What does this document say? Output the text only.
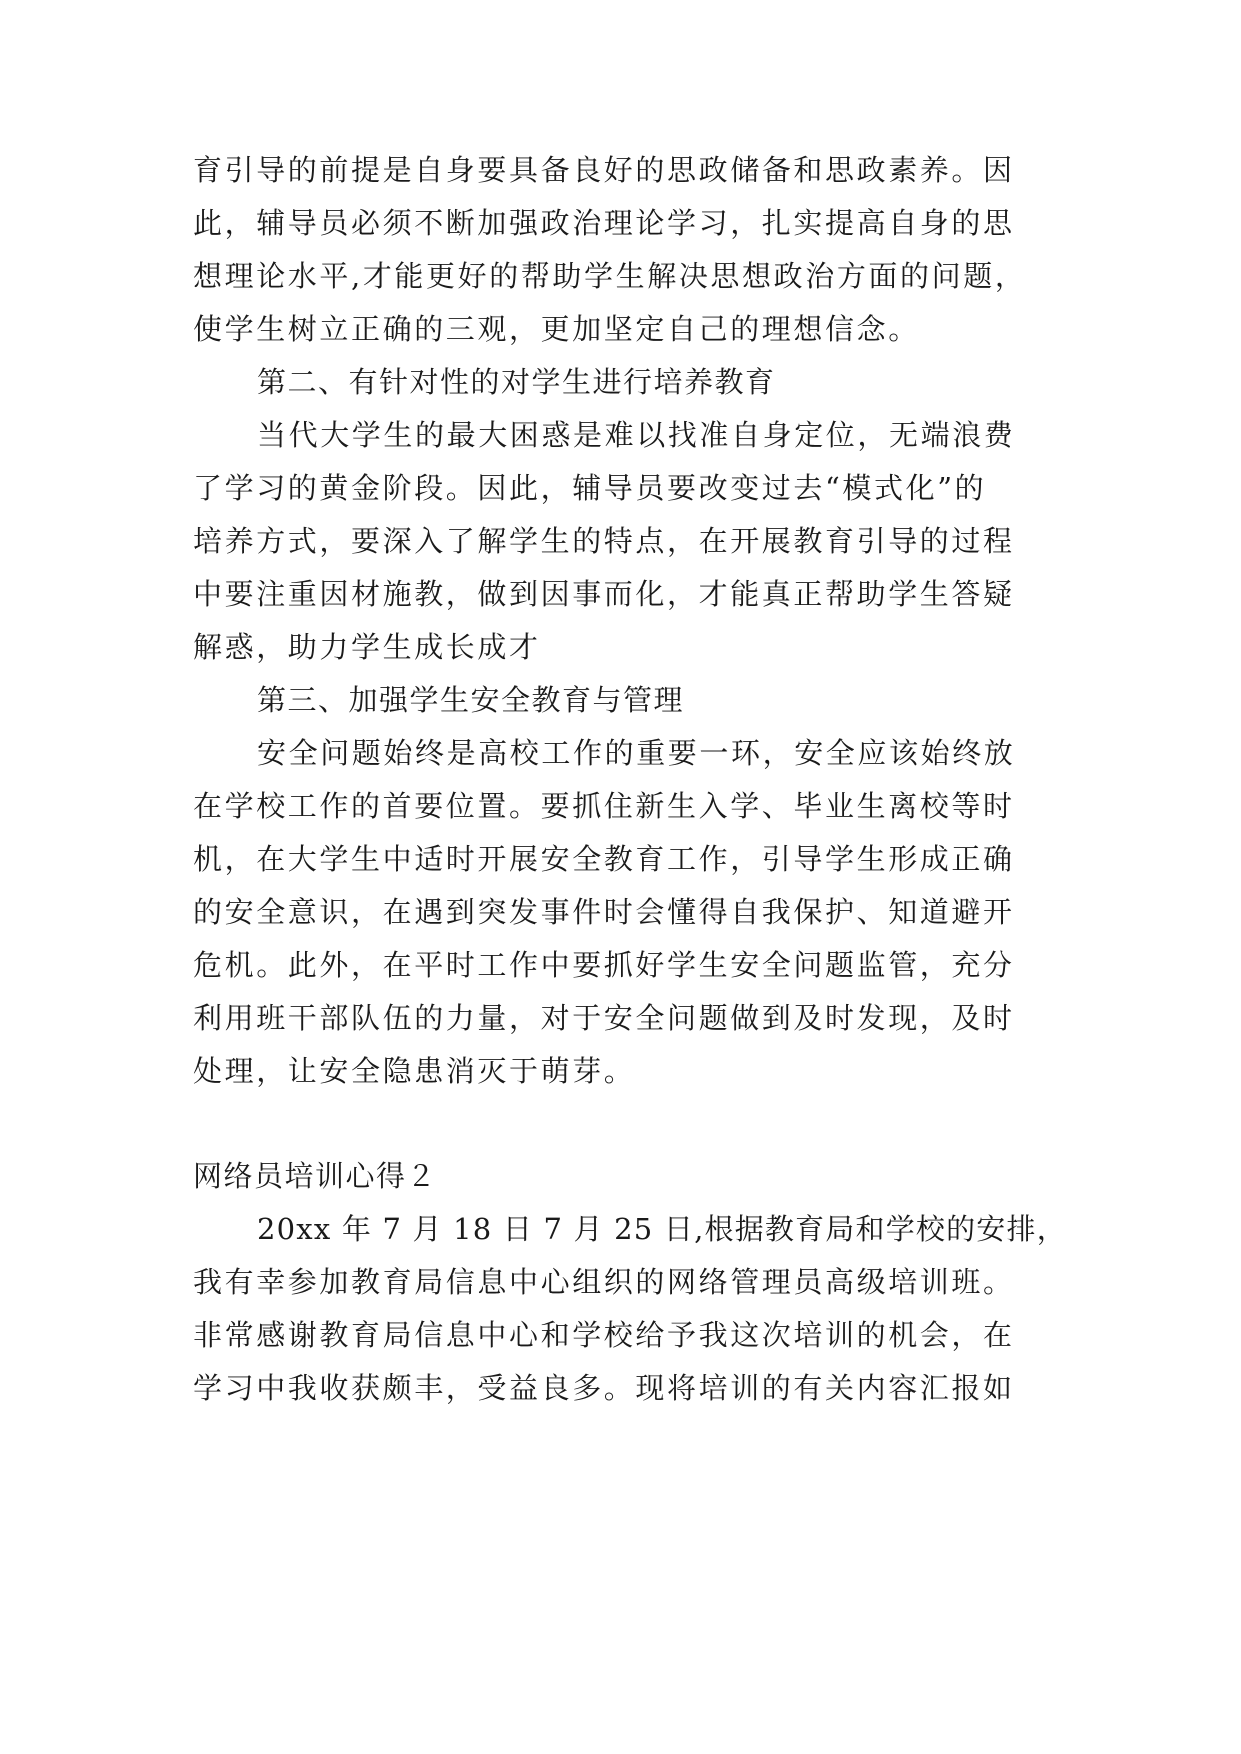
育引导的前提是自身要具备良好的思政储备和思政素养。因
此，辅导员必须不断加强政治理论学习，扎实提高自身的思
想理论水平,才能更好的帮助学生解决思想政治方面的问题，
使学生树立正确的三观，更加坚定自己的理想信念。
第二、有针对性的对学生进行培养教育
当代大学生的最大困惑是难以找准自身定位，无端浪费
了学习的黄金阶段。因此，辅导员要改变过去“模式化”的
培养方式，要深入了解学生的特点，在开展教育引导的过程
中要注重因材施教，做到因事而化，才能真正帮助学生答疑
解惑，助力学生成长成才
第三、加强学生安全教育与管理
安全问题始终是高校工作的重要一环，安全应该始终放
在学校工作的首要位置。要抓住新生入学、毕业生离校等时
机，在大学生中适时开展安全教育工作，引导学生形成正确
的安全意识，在遇到突发事件时会懂得自我保护、知道避开
危机。此外，在平时工作中要抓好学生安全问题监管，充分
利用班干部队伍的力量，对于安全问题做到及时发现，及时
处理，让安全隐患消灭于萌芽。
网络员培训心得２
20xx 年 7 月 18 日 7 月 25 日,根据教育局和学校的安排，
我有幸参加教育局信息中心组织的网络管理员高级培训班。
非常感谢教育局信息中心和学校给予我这次培训的机会，在
学习中我收获颇丰，受益良多。现将培训的有关内容汇报如
